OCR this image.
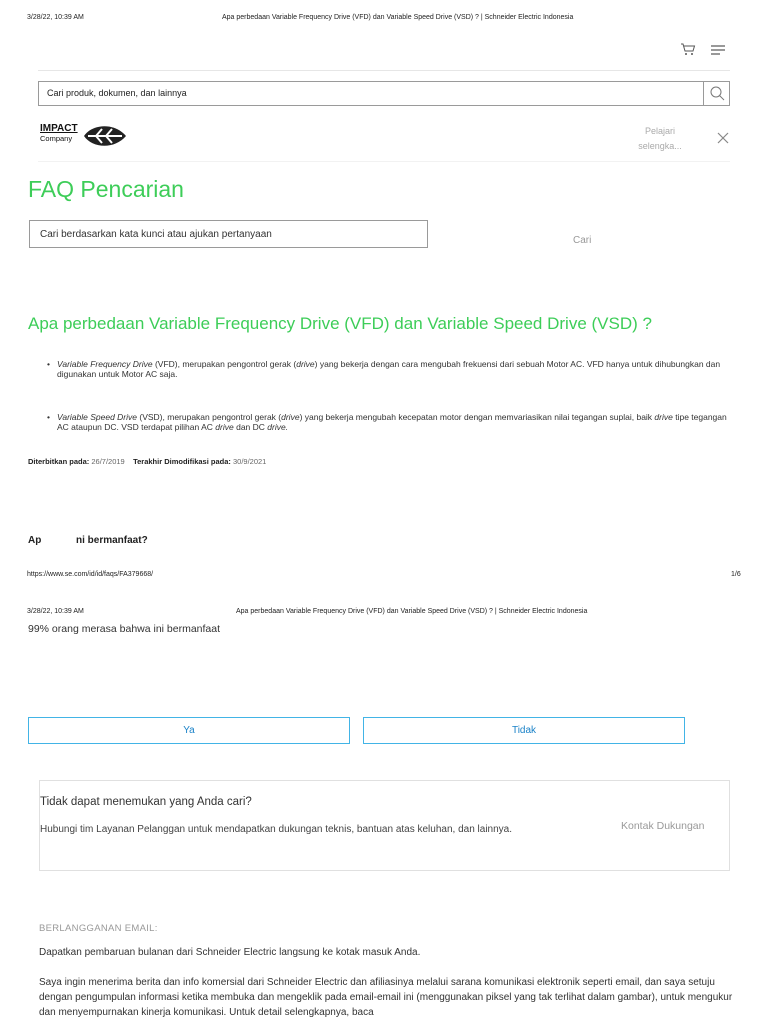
3/28/22, 10:39 AM	Apa perbedaan Variable Frequency Drive (VFD) dan Variable Speed Drive (VSD) ? | Schneider Electric Indonesia
Cari produk, dokumen, dan lainnya
IMPACT
Company
Pelajari
selengka...
FAQ Pencarian
Cari berdasarkan kata kunci atau ajukan pertanyaan
Cari
Apa perbedaan Variable Frequency Drive (VFD) dan Variable Speed Drive (VSD) ?
• Variable Frequency Drive (VFD), merupakan pengontrol gerak (drive) yang bekerja dengan cara mengubah frekuensi dari sebuah Motor AC. VFD hanya untuk dihubungkan dan digunakan untuk Motor AC saja.
• Variable Speed Drive (VSD), merupakan pengontrol gerak (drive) yang bekerja mengubah kecepatan motor dengan memvariasikan nilai tegangan suplai, baik drive tipe tegangan AC ataupun DC. VSD terdapat pilihan AC drive dan DC drive.
Diterbitkan pada: 26/7/2019 Terakhir Dimodifikasi pada: 30/9/2021
Ap	ni bermanfaat?
https://www.se.com/id/id/faqs/FA379668/	1/6
3/28/22, 10:39 AM	Apa perbedaan Variable Frequency Drive (VFD) dan Variable Speed Drive (VSD) ? | Schneider Electric Indonesia
99% orang merasa bahwa ini bermanfaat
Ya	Tidak
Tidak dapat menemukan yang Anda cari?
Hubungi tim Layanan Pelanggan untuk mendapatkan dukungan teknis, bantuan atas keluhan, dan lainnya.	Kontak Dukungan
BERLANGGANAN EMAIL:
Dapatkan pembaruan bulanan dari Schneider Electric langsung ke kotak masuk Anda.
Saya ingin menerima berita dan info komersial dari Schneider Electric dan afiliasinya melalui sarana komunikasi elektronik seperti email, dan saya setuju dengan pengumpulan informasi ketika membuka dan mengeklik pada email-email ini (menggunakan piksel yang tak terlihat dalam gambar), untuk mengukur dan menyempurnakan kinerja komunikasi. Untuk detail selengkapnya, baca
